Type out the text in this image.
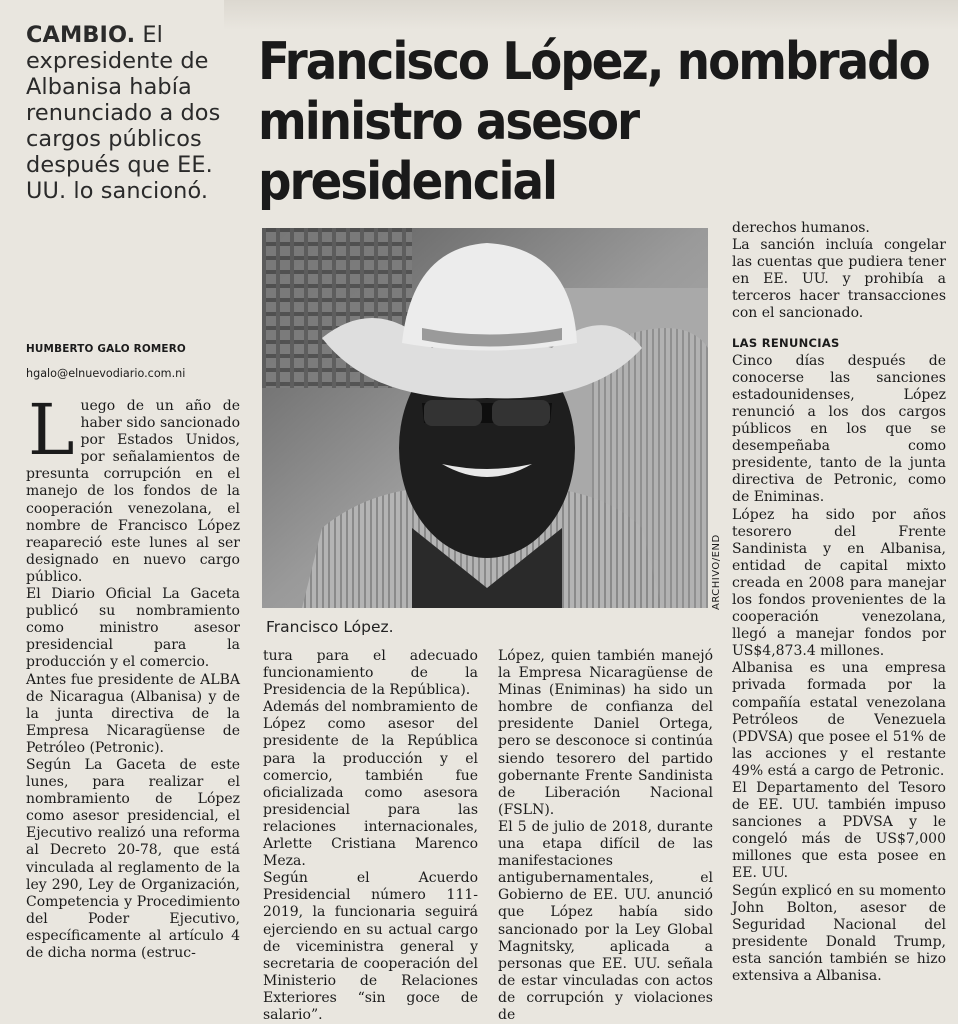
CAMBIO. El expresidente de Albanisa había renunciado a dos cargos públicos después que EE. UU. lo sancionó.

HUMBERTO GALO ROMERO
hgalo@elnuevodiario.com.ni
Francisco López, nombrado ministro asesor presidencial
ARCHIVO/END
Francisco López.

Luego de un año de haber sido sancionado por Estados Unidos, por señalamientos de presunta corrupción en el manejo de los fondos de la cooperación venezolana, el nombre de Francisco López reapareció este lunes al ser designado en nuevo cargo público.

El Diario Oficial La Gaceta publicó su nombramiento como ministro asesor presidencial para la producción y el comercio.

Antes fue presidente de ALBA de Nicaragua (Albanisa) y de la junta directiva de la Empresa Nicaragüense de Petróleo (Petronic).

Según La Gaceta de este lunes, para realizar el nombramiento de López como asesor presidencial, el Ejecutivo realizó una reforma al Decreto 20-78, que está vinculada al reglamento de la ley 290, Ley de Organización, Competencia y Procedimiento del Poder Ejecutivo, específicamente al artículo 4 de dicha norma (estruc-

tura para el adecuado funcionamiento de la Presidencia de la República).

Además del nombramiento de López como asesor del presidente de la República para la producción y el comercio, también fue oficializada como asesora presidencial para las relaciones internacionales, Arlette Cristiana Marenco Meza.

Según el Acuerdo Presidencial número 111-2019, la funcionaria seguirá ejerciendo en su actual cargo de viceministra general y secretaria de cooperación del Ministerio de Relaciones Exteriores “sin goce de salario”.

López, quien también manejó la Empresa Nicaragüense de Minas (Eniminas) ha sido un hombre de confianza del presidente Daniel Ortega, pero se desconoce si continúa siendo tesorero del partido gobernante Frente Sandinista de Liberación Nacional (FSLN).

El 5 de julio de 2018, durante una etapa difícil de las manifestaciones antigubernamentales, el Gobierno de EE. UU. anunció que López había sido sancionado por la Ley Global Magnitsky, aplicada a personas que EE. UU. señala de estar vinculadas con actos de corrupción y violaciones de

derechos humanos.

La sanción incluía congelar las cuentas que pudiera tener en EE. UU. y prohibía a terceros hacer transacciones con el sancionado.

LAS RENUNCIAS

Cinco días después de conocerse las sanciones estadounidenses, López renunció a los dos cargos públicos en los que se desempeñaba como presidente, tanto de la junta directiva de Petronic, como de Eniminas.

López ha sido por años tesorero del Frente Sandinista y en Albanisa, entidad de capital mixto creada en 2008 para manejar los fondos provenientes de la cooperación venezolana, llegó a manejar fondos por US$4,873.4 millones.

Albanisa es una empresa privada formada por la compañía estatal venezolana Petróleos de Venezuela (PDVSA) que posee el 51% de las acciones y el restante 49% está a cargo de Petronic.

El Departamento del Tesoro de EE. UU. también impuso sanciones a PDVSA y le congeló más de US$7,000 millones que esta posee en EE. UU.

Según explicó en su momento John Bolton, asesor de Seguridad Nacional del presidente Donald Trump, esta sanción también se hizo extensiva a Albanisa.
